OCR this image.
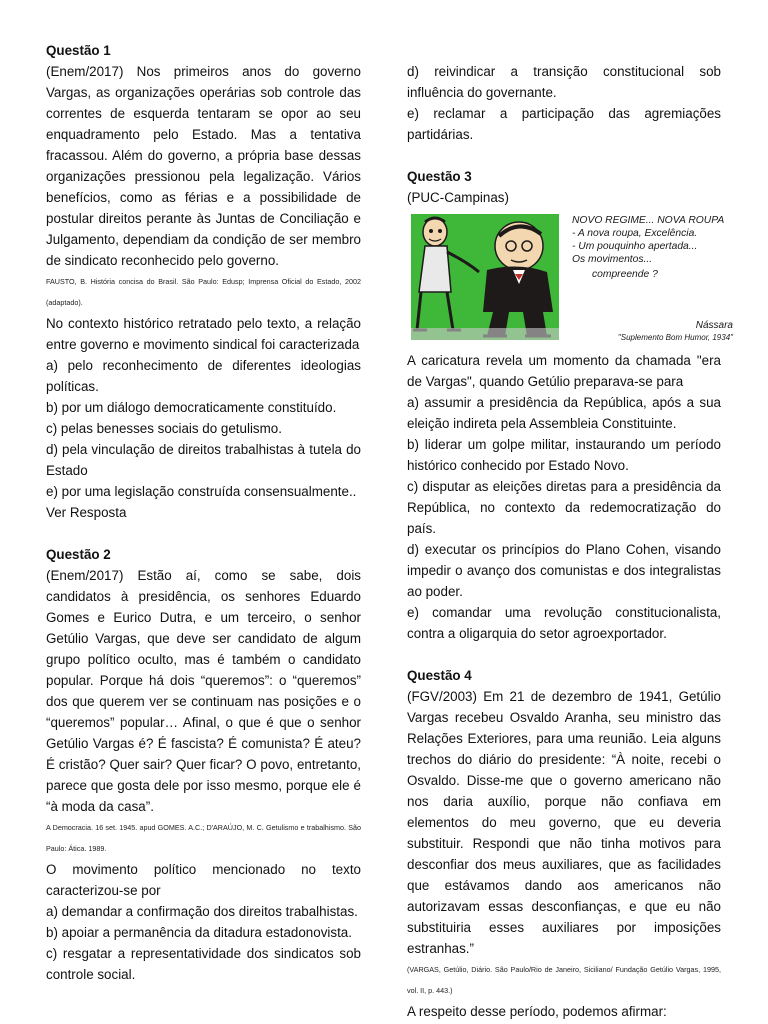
Questão 1

(Enem/2017) Nos primeiros anos do governo Vargas, as organizações operárias sob controle das correntes de esquerda tentaram se opor ao seu enquadramento pelo Estado. Mas a tentativa fracassou. Além do governo, a própria base dessas organizações pressionou pela legalização. Vários benefícios, como as férias e a possibilidade de postular direitos perante às Juntas de Conciliação e Julgamento, dependiam da condição de ser membro de sindicato reconhecido pelo governo.

FAUSTO, B. História concisa do Brasil. São Paulo: Edusp; Imprensa Oficial do Estado, 2002 (adaptado).

No contexto histórico retratado pelo texto, a relação entre governo e movimento sindical foi caracterizada

a) pelo reconhecimento de diferentes ideologias políticas.

b) por um diálogo democraticamente constituído.

c) pelas benesses sociais do getulismo.

d) pela vinculação de direitos trabalhistas à tutela do Estado

e) por uma legislação construída consensualmente..

Ver Resposta

Questão 2

(Enem/2017) Estão aí, como se sabe, dois candidatos à presidência, os senhores Eduardo Gomes e Eurico Dutra, e um terceiro, o senhor Getúlio Vargas, que deve ser candidato de algum grupo político oculto, mas é também o candidato popular. Porque há dois “queremos”: o “queremos” dos que querem ver se continuam nas posições e o “queremos” popular… Afinal, o que é que o senhor Getúlio Vargas é? É fascista? É comunista? É ateu? É cristão? Quer sair? Quer ficar? O povo, entretanto, parece que gosta dele por isso mesmo, porque ele é “à moda da casa”.

A Democracia. 16 set. 1945. apud GOMES. A.C.; D'ARAÚJO, M. C. Getulismo e trabalhismo. São Paulo: Ática. 1989.

O movimento político mencionado no texto caracterizou-se por

a) demandar a confirmação dos direitos trabalhistas.

b) apoiar a permanência da ditadura estadonovista.

c) resgatar a representatividade dos sindicatos sob controle social.

d) reivindicar a transição constitucional sob influência do governante.

e) reclamar a participação das agremiações partidárias.

Questão 3

(PUC-Campinas)

NOVO REGIME... NOVA ROUPA
- A nova roupa, Excelência.
- Um pouquinho apertada...
Os movimentos...
compreende ?
Nássara
"Suplemento Bom Humor, 1934"

A caricatura revela um momento da chamada "era de Vargas", quando Getúlio preparava-se para

a) assumir a presidência da República, após a sua eleição indireta pela Assembleia Constituinte.

b) liderar um golpe militar, instaurando um período histórico conhecido por Estado Novo.

c) disputar as eleições diretas para a presidência da República, no contexto da redemocratização do país.

d) executar os princípios do Plano Cohen, visando impedir o avanço dos comunistas e dos integralistas ao poder.

e) comandar uma revolução constitucionalista, contra a oligarquia do setor agroexportador.

Questão 4

(FGV/2003) Em 21 de dezembro de 1941, Getúlio Vargas recebeu Osvaldo Aranha, seu ministro das Relações Exteriores, para uma reunião. Leia alguns trechos do diário do presidente: “À noite, recebi o Osvaldo. Disse-me que o governo americano não nos daria auxílio, porque não confiava em elementos do meu governo, que eu deveria substituir. Respondi que não tinha motivos para desconfiar dos meus auxiliares, que as facilidades que estávamos dando aos americanos não autorizavam essas desconfianças, e que eu não substituiria esses auxiliares por imposições estranhas.”

(VARGAS, Getúlio, Diário. São Paulo/Rio de Janeiro, Siciliano/ Fundação Getúlio Vargas, 1995, vol. II, p. 443.)

A respeito desse período, podemos afirmar:
